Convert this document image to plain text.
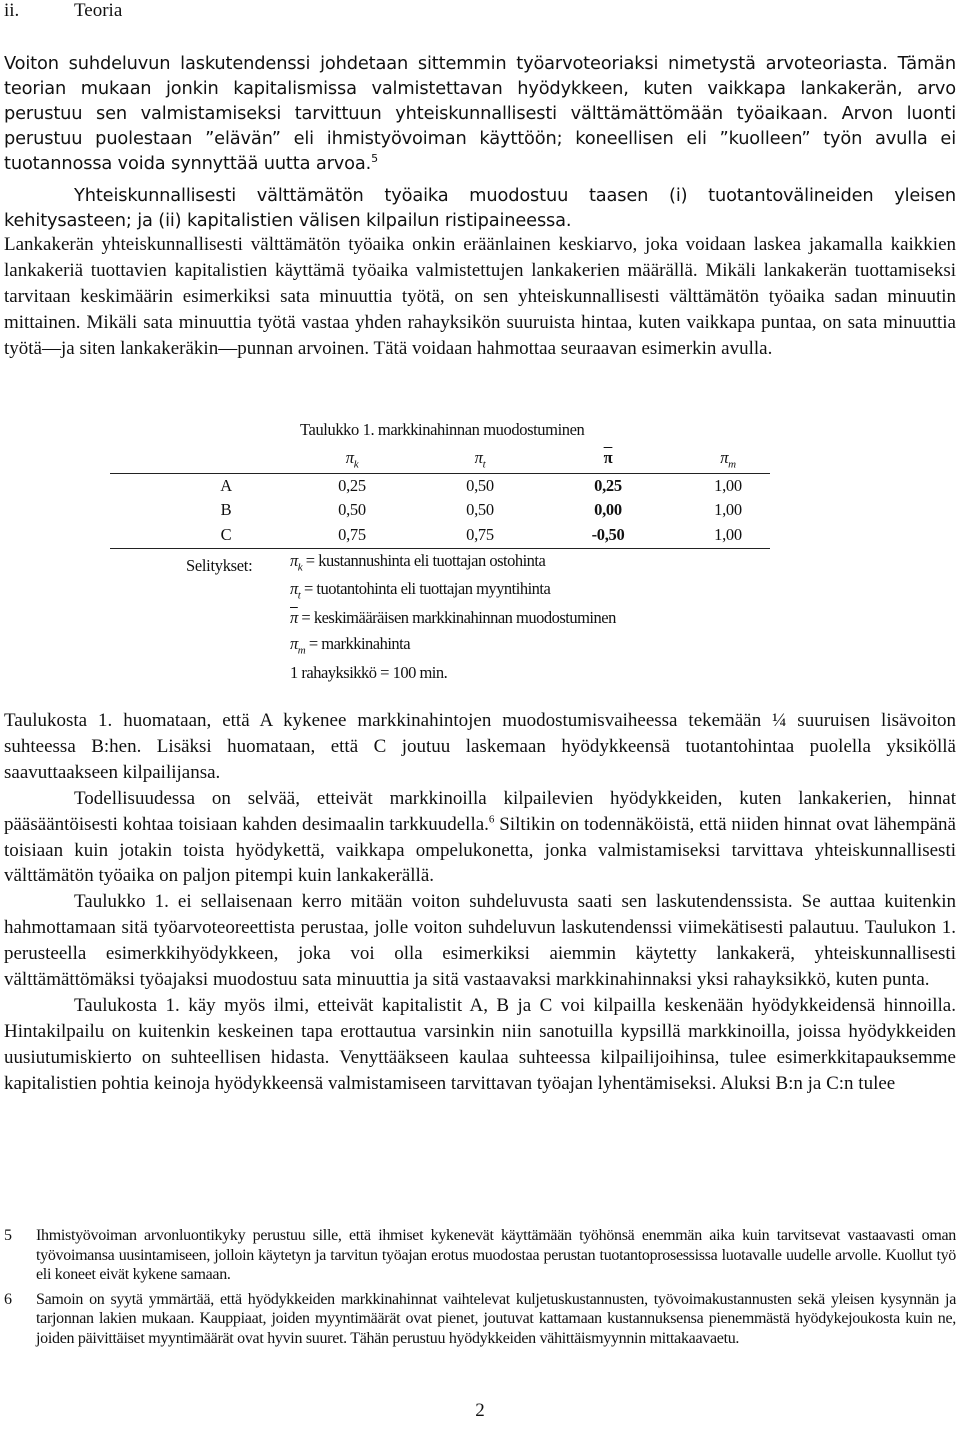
ii.	Teoria
Voiton suhdeluvun laskutendenssi johdetaan sittemmin työarvoteoriaksi nimetystä arvoteoriasta. Tämän teorian mukaan jonkin kapitalismissa valmistettavan hyödykkeen, kuten vaikkapa lankakerän, arvo perustuu sen valmistamiseksi tarvittuun yhteiskunnallisesti välttämättömään työaikaan. Arvon luonti perustuu puolestaan ”elävän” eli ihmistyövoiman käyttöön; koneellisen eli ”kuolleen” työn avulla ei tuotannossa voida synnyttää uutta arvoa.$^5$
Yhteiskunnallisesti välttämätön työaika muodostuu taasen (i) tuotantovälineiden yleisen kehitysasteen; ja (ii) kapitalistien välisen kilpailun ristipaineessa.
Lankakerän yhteiskunnallisesti välttämätön työaika onkin eräänlainen keskiarvo, joka voidaan laskea jakamalla kaikkien lankakeriä tuottavien kapitalistien käyttämä työaika valmistettujen lankakerien määrällä. Mikäli lankakerän tuottamiseksi tarvitaan keskimäärin esimerkiksi sata minuuttia työtä, on sen yhteiskunnallisesti välttämätön työaika sadan minuutin mittainen. Mikäli sata minuuttia työtä vastaa yhden rahayksikön suuruista hintaa, kuten vaikkapa puntaa, on sata minuuttia työtä—ja siten lankakeräkin—punnan arvoinen. Tätä voidaan hahmottaa seuraavan esimerkin avulla.
Taulukko 1. markkinahinnan muodostuminen
$\pi_k$	$\pi_t$	$\overline{\pi}$	$\pi_m$
A	0,25	0,50	0,25	1,00
B	0,50	0,50	0,00	1,00
C	0,75	0,75	-0,50	1,00
Selitykset: $\pi_k$ = kustannushinta eli tuottajan ostohinta
$\pi_t$ = tuotantohinta eli tuottajan myyntihinta
$\overline{\pi}$ = keskimääräisen markkinahinnan muodostuminen
$\pi_m$ = markkinahinta
1 rahayksikkö = 100 min.

Taulukosta 1. huomataan, että A kykenee markkinahintojen muodostumisvaiheessa tekemään ¼ suuruisen lisävoiton suhteessa B:hen. Lisäksi huomataan, että C joutuu laskemaan hyödykkeensä tuotantohintaa puolella yksiköllä saavuttaakseen kilpailijansa.

Todellisuudessa on selvää, etteivät markkinoilla kilpailevien hyödykkeiden, kuten lankakerien, hinnat pääsääntöisesti kohtaa toisiaan kahden desimaalin tarkkuudella.$^6$ Siltikin on todennäköistä, että niiden hinnat ovat lähempänä toisiaan kuin jotakin toista hyödykettä, vaikkapa ompelukonetta, jonka valmistamiseksi tarvittava yhteiskunnallisesti välttämätön työaika on paljon pitempi kuin lankakerällä.

Taulukko 1. ei sellaisenaan kerro mitään voiton suhdeluvusta saati sen laskutendenssista. Se auttaa kuitenkin hahmottamaan sitä työarvoteoreettista perustaa, jolle voiton suhdeluvun laskutendenssi viimekätisesti palautuu. Taulukon 1. perusteella esimerkkihyödykkeen, joka voi olla esimerkiksi aiemmin käytetty lankakerä, yhteiskunnallisesti välttämättömäksi työajaksi muodostuu sata minuuttia ja sitä vastaavaksi markkinahinnaksi yksi rahayksikkö, kuten punta.

Taulukosta 1. käy myös ilmi, etteivät kapitalistit A, B ja C voi kilpailla keskenään hyödykkeidensä hinnoilla. Hintakilpailu on kuitenkin keskeinen tapa erottautua varsinkin niin sanotuilla kypsillä markkinoilla, joissa hyödykkeiden uusiutumiskierto on suhteellisen hidasta. Venyttääkseen kaulaa suhteessa kilpailijoihinsa, tulee esimerkkitapauksemme kapitalistien pohtia keinoja hyödykkeensä valmistamiseen tarvittavan työajan lyhentämiseksi. Aluksi B:n ja C:n tulee

5 Ihmistyövoiman arvonluontikyky perustuu sille, että ihmiset kykenevät käyttämään työhönsä enemmän aika kuin tarvitsevat vastaavasti oman työvoimansa uusintamiseen, jolloin käytetyn ja tarvitun työajan erotus muodostaa perustan tuotantoprosessissa luotavalle uudelle arvolle. Kuollut työ eli koneet eivät kykene samaan.
6 Samoin on syytä ymmärtää, että hyödykkeiden markkinahinnat vaihtelevat kuljetuskustannusten, työvoimakustannusten sekä yleisen kysynnän ja tarjonnan lakien mukaan. Kauppiaat, joiden myyntimäärät ovat pienet, joutuvat kattamaan kustannuksensa pienemmästä hyödykejoukosta kuin ne, joiden päivittäiset myyntimäärät ovat hyvin suuret. Tähän perustuu hyödykkeiden vähittäismyynnin mittakaavaetu.
2
